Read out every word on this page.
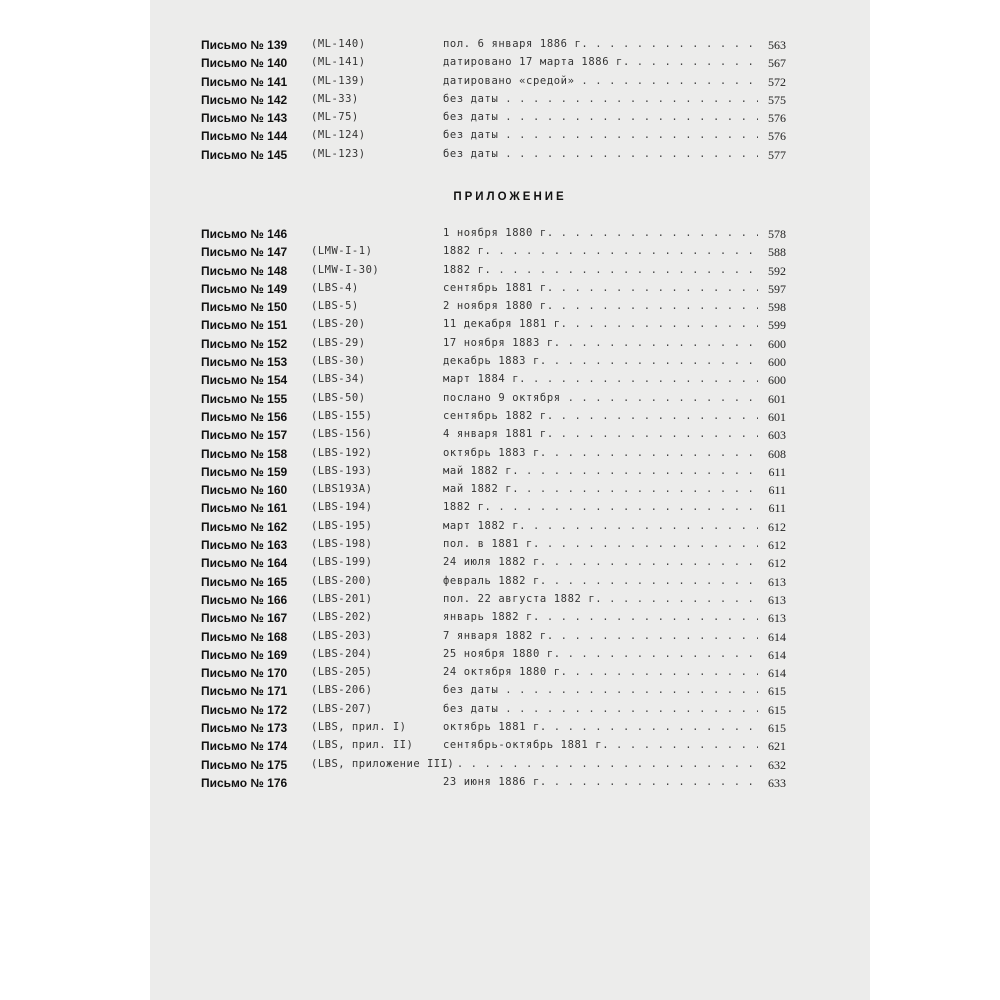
Письмо № 139 (ML-140)	пол. 6 января 1886 г. . . .	563
Письмо № 140 (ML-141)	датировано 17 марта 1886 г. . . .	567
Письмо № 141 (ML-139)	датировано «средой» . . .	572
Письмо № 142 (ML-33)	без даты . . .	575
Письмо № 143 (ML-75)	без даты . . .	576
Письмо № 144 (ML-124)	без даты . . .	576
Письмо № 145 (ML-123)	без даты . . .	577
ПРИЛОЖЕНИЕ
Письмо № 146	1 ноября 1880 г. . . .	578
Письмо № 147 (LMW-I-1)	1882 г. . . .	588
Письмо № 148 (LMW-I-30)	1882 г. . . .	592
Письмо № 149 (LBS-4)	сентябрь 1881 г. . . .	597
Письмо № 150 (LBS-5)	2 ноября 1880 г. . . .	598
Письмо № 151 (LBS-20)	11 декабря 1881 г. . . .	599
Письмо № 152 (LBS-29)	17 ноября 1883 г. . . .	600
Письмо № 153 (LBS-30)	декабрь 1883 г. . . .	600
Письмо № 154 (LBS-34)	март 1884 г. . . .	600
Письмо № 155 (LBS-50)	послано 9 октября . . .	601
Письмо № 156 (LBS-155)	сентябрь 1882 г. . . .	601
Письмо № 157 (LBS-156)	4 января 1881 г. . . .	603
Письмо № 158 (LBS-192)	октябрь 1883 г. . . .	608
Письмо № 159 (LBS-193)	май 1882 г. . . .	611
Письмо № 160 (LBS193A)	май 1882 г. . . .	611
Письмо № 161 (LBS-194)	1882 г. . . .	611
Письмо № 162 (LBS-195)	март 1882 г. . . .	612
Письмо № 163 (LBS-198)	пол. в 1881 г. . . .	612
Письмо № 164 (LBS-199)	24 июля 1882 г. . . .	612
Письмо № 165 (LBS-200)	февраль 1882 г. . . .	613
Письмо № 166 (LBS-201)	пол. 22 августа 1882 г. . . .	613
Письмо № 167 (LBS-202)	январь 1882 г. . . .	613
Письмо № 168 (LBS-203)	7 января 1882 г. . . .	614
Письмо № 169 (LBS-204)	25 ноября 1880 г. . . .	614
Письмо № 170 (LBS-205)	24 октября 1880 г. . . .	614
Письмо № 171 (LBS-206)	без даты . . .	615
Письмо № 172 (LBS-207)	без даты . . .	615
Письмо № 173 (LBS, прил. I)	октябрь 1881 г. . . .	615
Письмо № 174 (LBS, прил. II)	сентябрь-октябрь 1881 г. . . .	621
Письмо № 175 (LBS, приложение III) . . .	632
Письмо № 176	23 июня 1886 г. . . .	633
